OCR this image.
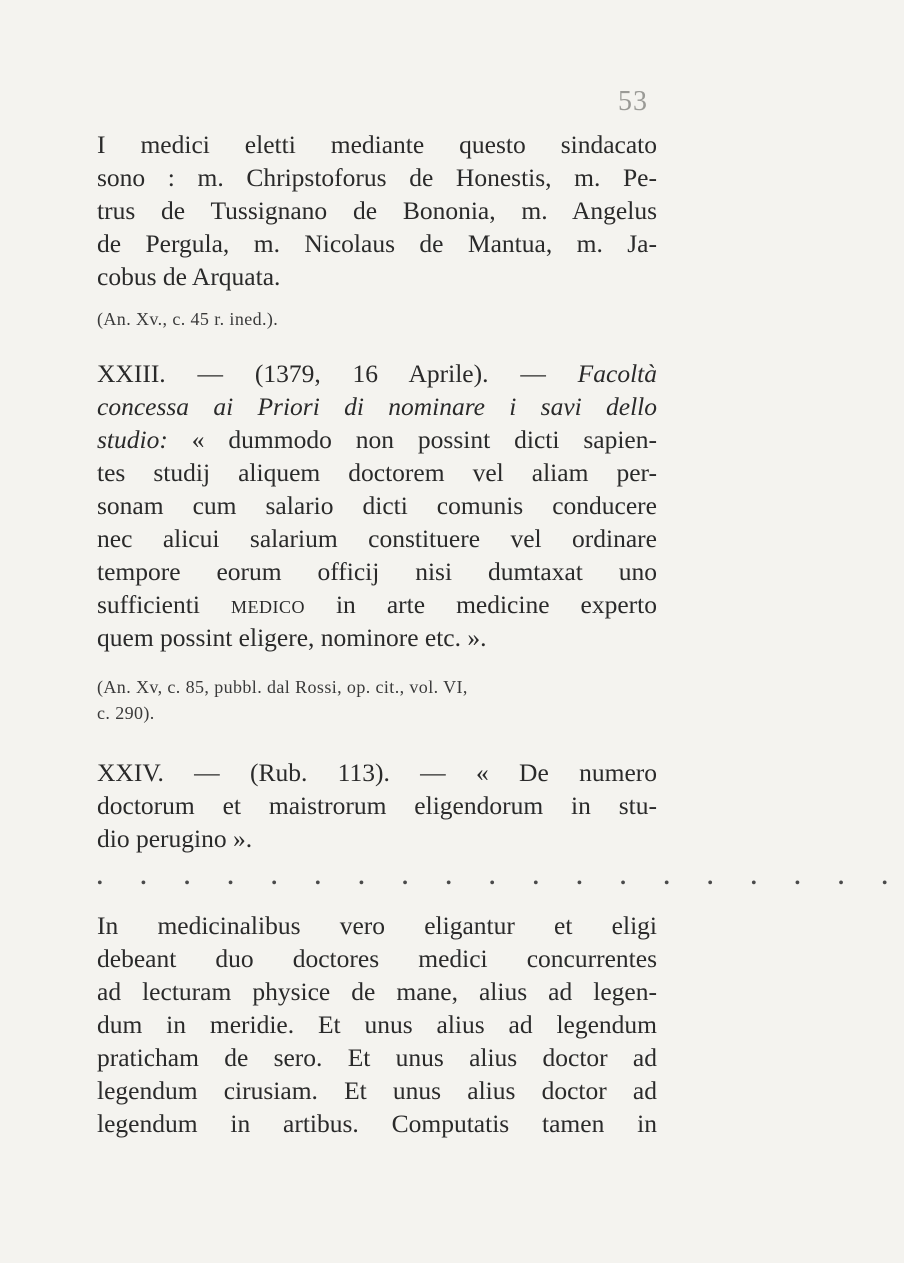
53

I medici eletti mediante questo sindacato
sono : m. Chripstoforus de Honestis, m. Pe-
trus de Tussignano de Bononia, m. Angelus
de Pergula, m. Nicolaus de Mantua, m. Ja-
cobus de Arquata.

(An. Xv., c. 45 r. ined.).

XXIII. — (1379, 16 Aprile). — Facoltà
concessa ai Priori di nominare i savi dello
studio: « dummodo non possint dicti sapien-
tes studij aliquem doctorem vel aliam per-
sonam cum salario dicti comunis conducere
nec alicui salarium constituere vel ordinare
tempore eorum officij nisi dumtaxat uno
sufficienti medico in arte medicine experto
quem possint eligere, nominore etc. ».

(An. Xv, c. 85, pubbl. dal Rossi, op. cit., vol. VI,
c. 290).

XXIV. — (Rub. 113). — « De numero
doctorum et maistrorum eligendorum in stu-
dio perugino ».

• • • • • • • • • • • • • • • • • • •

In medicinalibus vero eligantur et eligi
debeant duo doctores medici concurrentes
ad lecturam physice de mane, alius ad legen-
dum in meridie. Et unus alius ad legendum
praticham de sero. Et unus alius doctor ad
legendum cirusiam. Et unus alius doctor ad
legendum in artibus. Computatis tamen in
